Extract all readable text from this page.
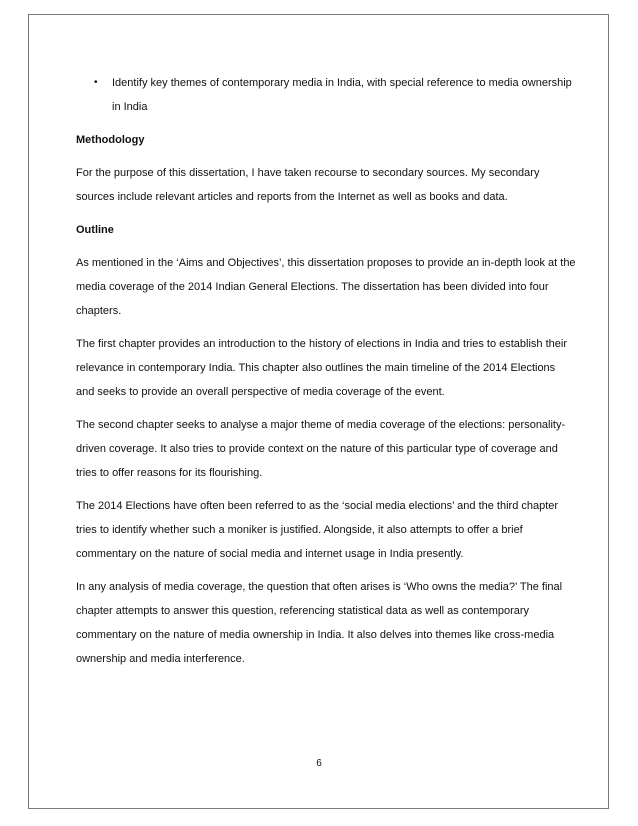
• Identify key themes of contemporary media in India, with special reference to media ownership in India

Methodology

For the purpose of this dissertation, I have taken recourse to secondary sources. My secondary sources include relevant articles and reports from the Internet as well as books and data.

Outline

As mentioned in the ‘Aims and Objectives’, this dissertation proposes to provide an in-depth look at the media coverage of the 2014 Indian General Elections. The dissertation has been divided into four chapters.

The first chapter provides an introduction to the history of elections in India and tries to establish their relevance in contemporary India. This chapter also outlines the main timeline of the 2014 Elections and seeks to provide an overall perspective of media coverage of the event.

The second chapter seeks to analyse a major theme of media coverage of the elections: personality-driven coverage. It also tries to provide context on the nature of this particular type of coverage and tries to offer reasons for its flourishing.

The 2014 Elections have often been referred to as the ‘social media elections’ and the third chapter tries to identify whether such a moniker is justified. Alongside, it also attempts to offer a brief commentary on the nature of social media and internet usage in India presently.

In any analysis of media coverage, the question that often arises is ‘Who owns the media?’ The final chapter attempts to answer this question, referencing statistical data as well as contemporary commentary on the nature of media ownership in India. It also delves into themes like cross-media ownership and media interference.

6
